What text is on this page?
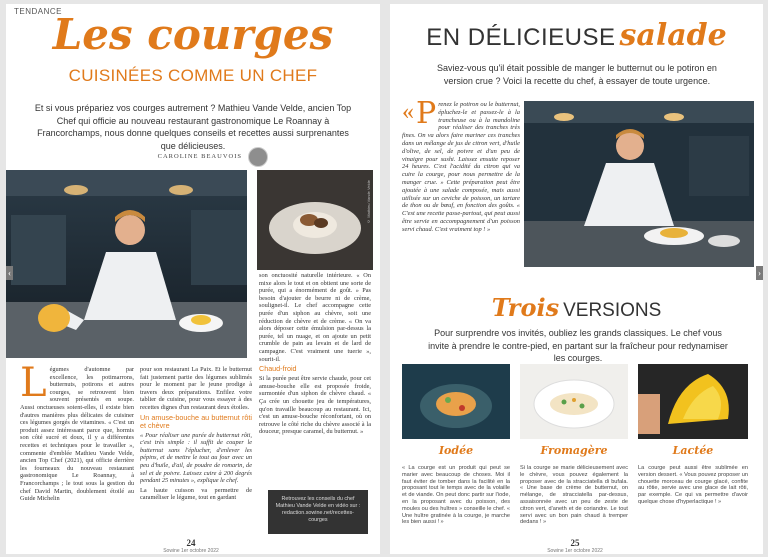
TENDANCE
Les courges
CUISINÉES COMME UN CHEF
Et si vous prépariez vos courges autrement ? Mathieu Vande Velde, ancien Top Chef qui officie au nouveau restaurant gastronomique Le Roannay à Francorchamps, nous donne quelques conseils et recettes aussi surprenantes que délicieuses.
CAROLINE BEAUVOIS
‹
© Mathieu Vande Velde
L égumes d'automne par excellence, les potimarrons, butternuts, potirons et autres courges, se retrouvent bien souvent présentés en soupe. Aussi onctueuses soient-elles, il existe bien d'autres manières plus délicates de cuisiner ces légumes gorgés de vitamines. « C'est un produit assez intéressant parce que, hormis son côté sucré et doux, il y a différentes recettes et techniques pour le travailler », commente d'emblée Mathieu Vande Velde, ancien Top Chef (2021), qui officie derrière les fourneaux du nouveau restaurant gastronomique Le Roannay, à Francorchamps ; le tout sous la gestion du chef David Martin, doublement étoilé au Guide Michelin

pour son restaurant La Paix. Et le butternut fait justement partie des légumes sublimés pour le moment par le jeune prodige à travers deux préparations. Enfilez votre tablier de cuisine, pour vous essayer à des recettes dignes d'un restaurant deux étoiles.

Un amuse-bouche au butternut rôti et chèvre

« Pour réaliser une purée de butternut rôti, c'est très simple : il suffit de couper le butternut sans l'éplucher, d'enlever les pépins, et de mettre le tout au four avec un peu d'huile, d'ail, de poudre de romarin, de sel et de poivre. Laissez cuire à 200 degrés pendant 25 minutes », explique le chef.

La haute cuisson va permettre de caraméliser le légume, tout en gardant

son onctuosité naturelle intérieure. « On mixe alors le tout et on obtient une sorte de purée, qui a énormément de goût. » Pas besoin d'ajouter de beurre ni de crème, soulignet-il. Le chef accompagne cette purée d'un siphon au chèvre, soit une réduction de chèvre et de crème. « On va alors déposer cette émulsion par-dessus la purée, tel un nuage, et on ajoute un petit crumble de pain au levain et de lard de campagne. C'est vraiment une tuerie », sourit-il.

Chaud-froid

Si la purée peut être servie chaude, pour cet amuse-bouche elle est proposée froide, surmontée d'un siphon de chèvre chaud. « Ça crée un chouette jeu de températures, qu'on travaille beaucoup au restaurant. Ici, c'est un amuse-bouche réconfortant, où on retrouve le côté riche du chèvre associé à la douceur, presque caramel, du butternut. »

Retrouvez les conseils du chef Mathieu Vande Velde en vidéo sur : redaction.sowine.net/recettes-courges
24
Sowine 1er octobre 2022
EN DÉLICIEUSE salade
Saviez-vous qu'il était possible de manger le butternut ou le potiron en version crue ? Voici la recette du chef, à essayer de toute urgence.
« P renez le potiron ou le butternut, épluchez-le et passez-le à la trancheuse ou à la mandoline pour réaliser des tranches très fines. On va alors faire mariner ces tranches dans un mélange de jus de citron vert, d'huile d'olive, de sel, de poivre et d'un peu de vinaigre pour sushi. Laissez ensuite reposer 24 heures. C'est l'acidité du citron qui va cuire la courge, pour nous permettre de la manger crue. » Cette préparation peut être ajoutée à une salade composée, mais aussi utilisée sur un ceviche de poisson, un tartare de thon ou de bœuf, en fonction des goûts. « C'est une recette passe-partout, qui peut aussi être servie en accompagnement d'un poisson servi chaud. C'est vraiment top ! »
Trois VERSIONS
Pour surprendre vos invités, oubliez les grands classiques. Le chef vous invite à prendre le contre-pied, en partant sur la fraîcheur pour redynamiser les courges.
Iodée	Fromagère	Lactée
« La courge est un produit qui peut se marier avec beaucoup de choses. Moi il faut éviter de tomber dans la facilité en la proposant tout le temps avec de la volaille et de viande. On peut donc partir sur l'iode, en la proposant avec du poisson, des moules ou des huîtres » conseille le chef. « Une huître gratinée à la courge, je marche les bien aussi ! »
Si la courge se marie délicieusement avec le chèvre, vous pouvez également la proposer avec de la stracciatella di bufala. « Une base de crème de butternut, on mélange, de stracciatella par-dessus, assaisonnée avec un peu de zeste de citron vert, d'aneth et de coriandre. Le tout servi avec un bon pain chaud à tremper dedans ! »
La courge peut aussi être sublimée en version dessert. « Vous pouvez proposer un chouette morceau de courge glacé, confite au rôtie, servie avec une glace de lait rôti, par exemple. Ce qui va permettre d'avoir quelque chose d'hyperlactique ! »
25
Sowine 1er octobre 2022
›
